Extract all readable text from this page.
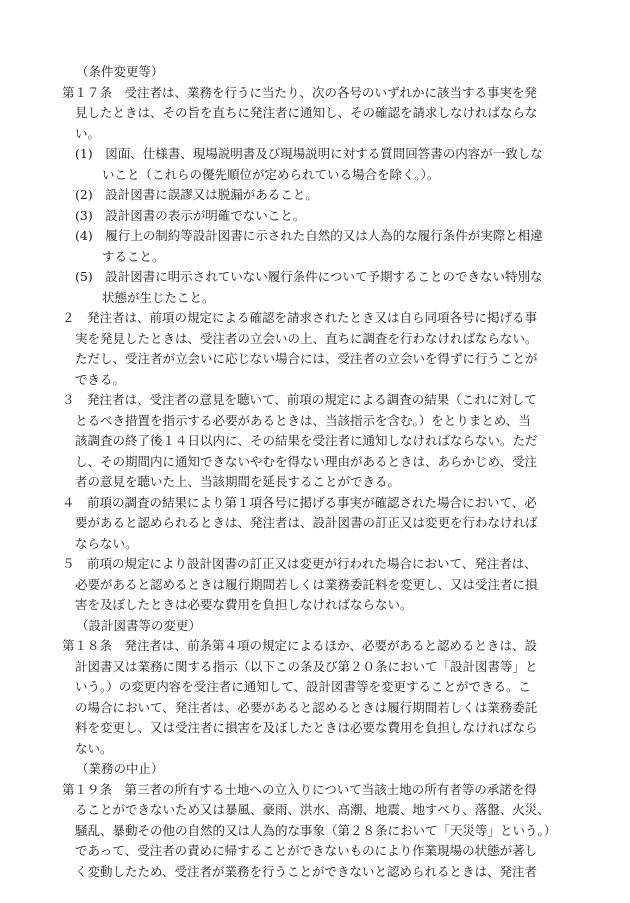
（条件変更等）
第１７条　受注者は、業務を行うに当たり、次の各号のいずれかに該当する事実を発
見したときは、その旨を直ちに発注者に通知し、その確認を請求しなければならな
い。
(1)　図面、仕様書、現場説明書及び現場説明に対する質問回答書の内容が一致しな
いこと（これらの優先順位が定められている場合を除く。）。
(2)　設計図書に誤謬又は脱漏があること。
(3)　設計図書の表示が明確でないこと。
(4)　履行上の制約等設計図書に示された自然的又は人為的な履行条件が実際と相違
すること。
(5)　設計図書に明示されていない履行条件について予期することのできない特別な
状態が生じたこと。
２　発注者は、前項の規定による確認を請求されたとき又は自ら同項各号に掲げる事
実を発見したときは、受注者の立会いの上、直ちに調査を行わなければならない。
ただし、受注者が立会いに応じない場合には、受注者の立会いを得ずに行うことが
できる。
３　発注者は、受注者の意見を聴いて、前項の規定による調査の結果（これに対して
とるべき措置を指示する必要があるときは、当該指示を含む。）をとりまとめ、当
該調査の終了後１４日以内に、その結果を受注者に通知しなければならない。ただ
し、その期間内に通知できないやむを得ない理由があるときは、あらかじめ、受注
者の意見を聴いた上、当該期間を延長することができる。
４　前項の調査の結果により第１項各号に掲げる事実が確認された場合において、必
要があると認められるときは、発注者は、設計図書の訂正又は変更を行わなければ
ならない。
５　前項の規定により設計図書の訂正又は変更が行われた場合において、発注者は、
必要があると認めるときは履行期間若しくは業務委託料を変更し、又は受注者に損
害を及ぼしたときは必要な費用を負担しなければならない。
（設計図書等の変更）
第１８条　発注者は、前条第４項の規定によるほか、必要があると認めるときは、設
計図書又は業務に関する指示（以下この条及び第２０条において「設計図書等」と
いう。）の変更内容を受注者に通知して、設計図書等を変更することができる。こ
の場合において、発注者は、必要があると認めるときは履行期間若しくは業務委託
料を変更し、又は受注者に損害を及ぼしたときは必要な費用を負担しなければなら
ない。
（業務の中止）
第１９条　第三者の所有する土地への立入りについて当該土地の所有者等の承諾を得
ることができないため又は暴風、豪雨、洪水、高潮、地震、地すべり、落盤、火災、
騒乱、暴動その他の自然的又は人為的な事象（第２８条において「天災等」という。）
であって、受注者の責めに帰することができないものにより作業現場の状態が著し
く変動したため、受注者が業務を行うことができないと認められるときは、発注者
